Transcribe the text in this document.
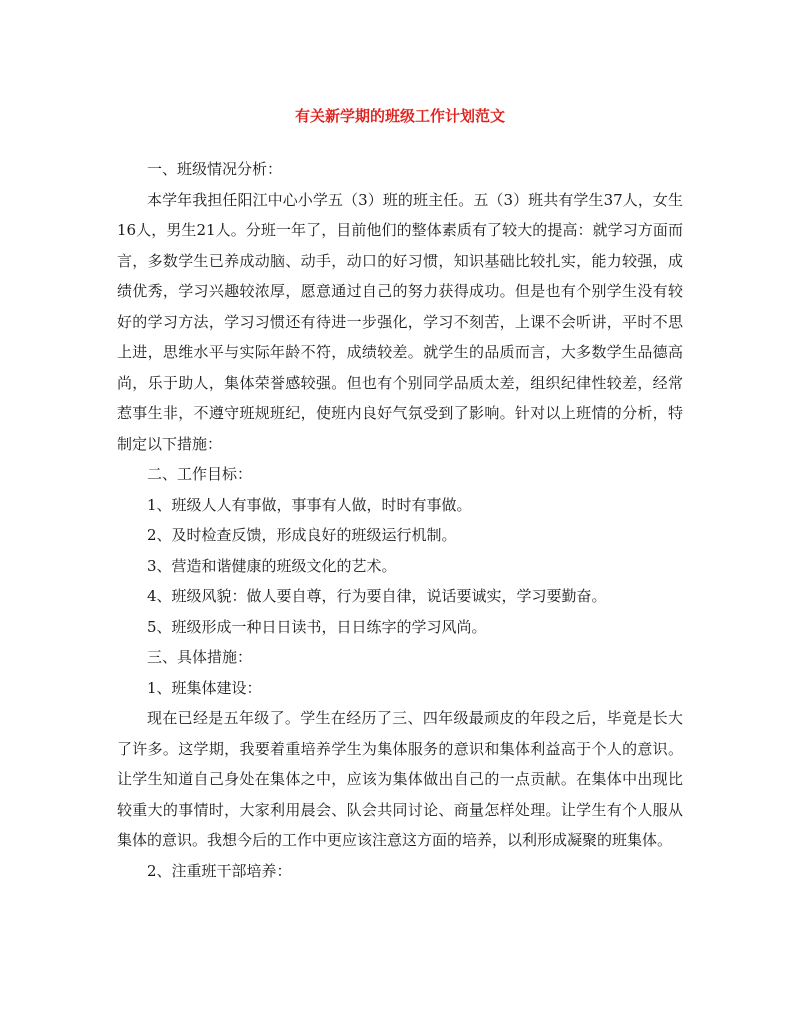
有关新学期的班级工作计划范文

一、班级情况分析：

本学年我担任阳江中心小学五（3）班的班主任。五（3）班共有学生37人，女生16人，男生21人。分班一年了，目前他们的整体素质有了较大的提高：就学习方面而言，多数学生已养成动脑、动手，动口的好习惯，知识基础比较扎实，能力较强，成绩优秀，学习兴趣较浓厚，愿意通过自己的努力获得成功。但是也有个别学生没有较好的学习方法，学习习惯还有待进一步强化，学习不刻苦，上课不会听讲，平时不思上进，思维水平与实际年龄不符，成绩较差。就学生的品质而言，大多数学生品德高尚，乐于助人，集体荣誉感较强。但也有个别同学品质太差，组织纪律性较差，经常惹事生非，不遵守班规班纪，使班内良好气氛受到了影响。针对以上班情的分析，特制定以下措施：

二、工作目标：

1、班级人人有事做，事事有人做，时时有事做。

2、及时检查反馈，形成良好的班级运行机制。

3、营造和谐健康的班级文化的艺术。

4、班级风貌：做人要自尊，行为要自律，说话要诚实，学习要勤奋。

5、班级形成一种日日读书，日日练字的学习风尚。

三、具体措施：

1、班集体建设：

现在已经是五年级了。学生在经历了三、四年级最顽皮的年段之后，毕竟是长大了许多。这学期，我要着重培养学生为集体服务的意识和集体利益高于个人的意识。让学生知道自己身处在集体之中，应该为集体做出自己的一点贡献。在集体中出现比较重大的事情时，大家利用晨会、队会共同讨论、商量怎样处理。让学生有个人服从集体的意识。我想今后的工作中更应该注意这方面的培养，以利形成凝聚的班集体。

2、注重班干部培养：
